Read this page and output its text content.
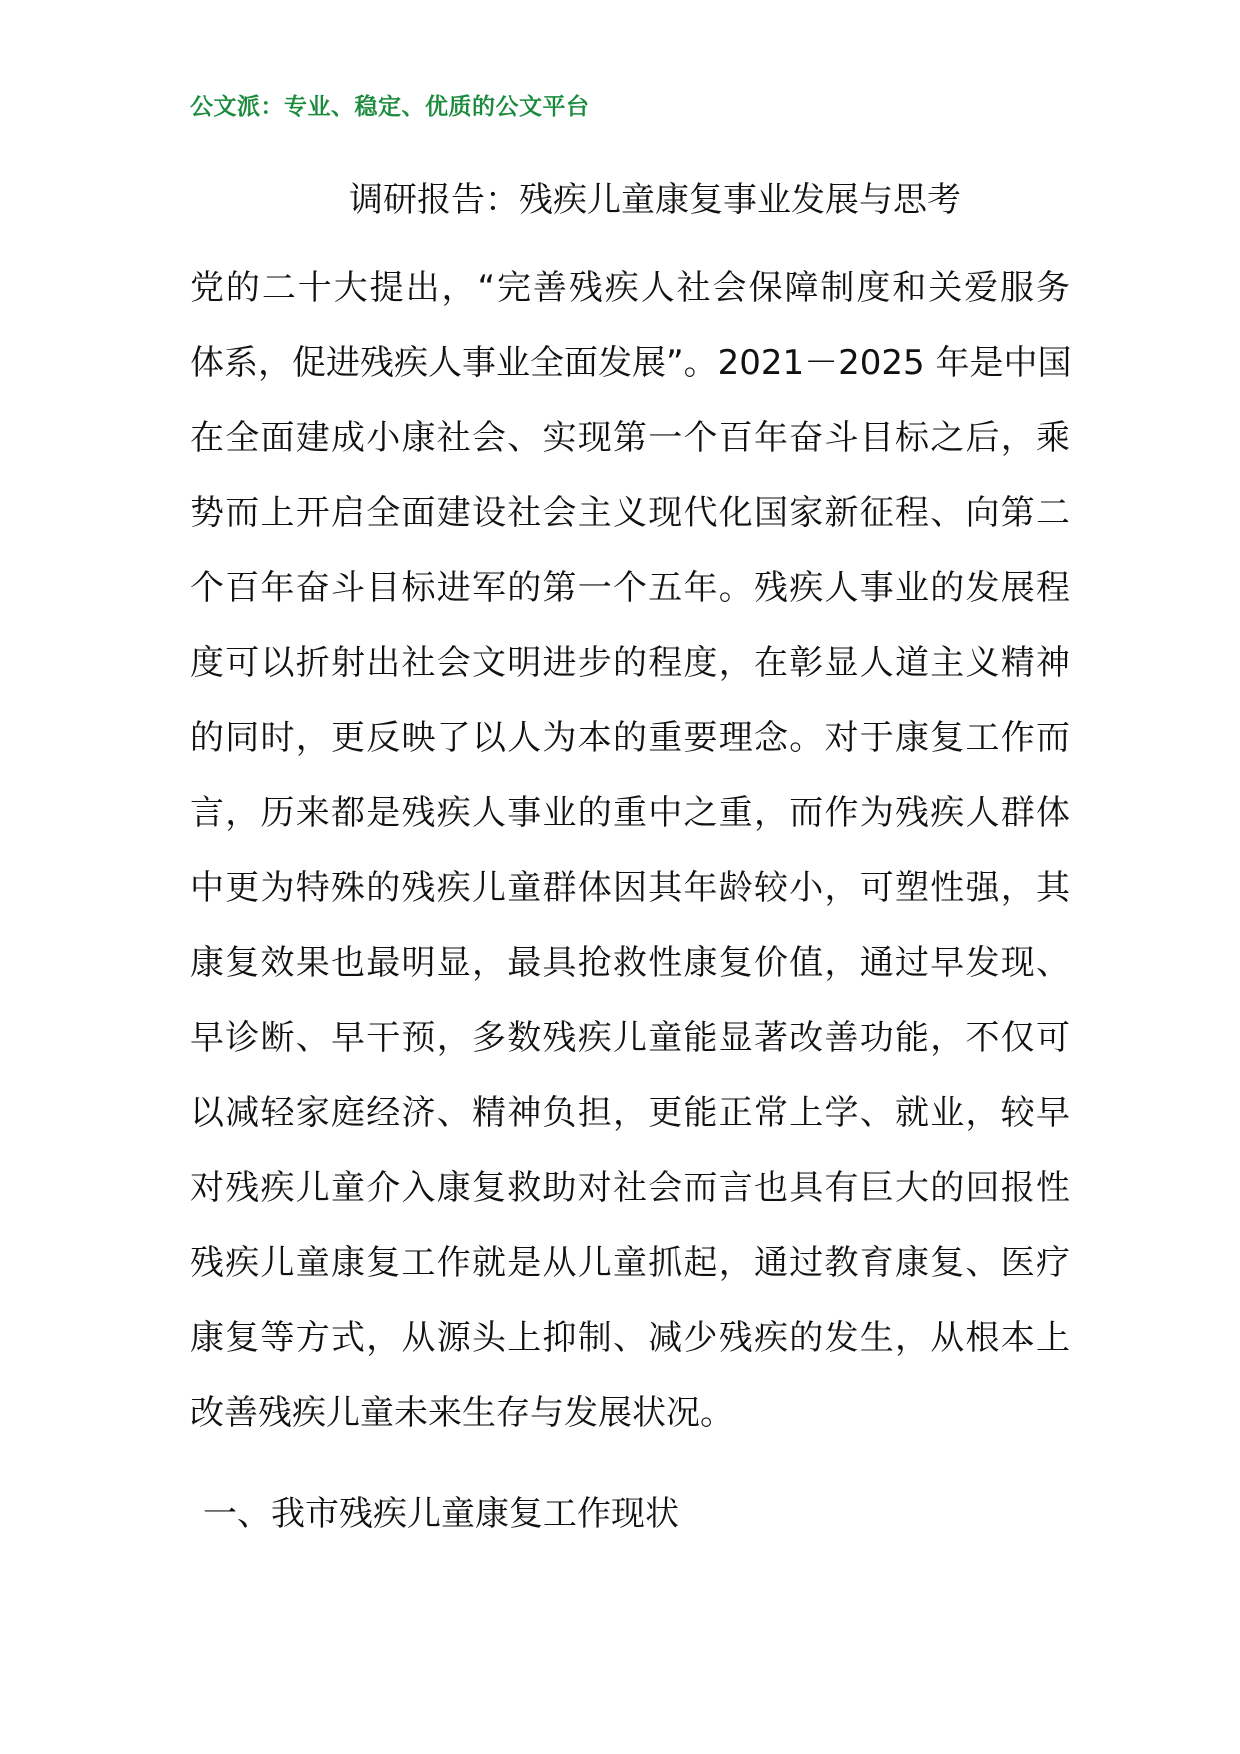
公文派：专业、稳定、优质的公文平台
调研报告：残疾儿童康复事业发展与思考
党的二十大提出，“完善残疾人社会保障制度和关爱服务
体系，促进残疾人事业全面发展”。2021－2025 年是中国
在全面建成小康社会、实现第一个百年奋斗目标之后，乘
势而上开启全面建设社会主义现代化国家新征程、向第二
个百年奋斗目标进军的第一个五年。残疾人事业的发展程
度可以折射出社会文明进步的程度，在彰显人道主义精神
的同时，更反映了以人为本的重要理念。对于康复工作而
言，历来都是残疾人事业的重中之重，而作为残疾人群体
中更为特殊的残疾儿童群体因其年龄较小，可塑性强，其
康复效果也最明显，最具抢救性康复价值，通过早发现、
早诊断、早干预，多数残疾儿童能显著改善功能，不仅可
以减轻家庭经济、精神负担，更能正常上学、就业，较早
对残疾儿童介入康复救助对社会而言也具有巨大的回报性
残疾儿童康复工作就是从儿童抓起，通过教育康复、医疗
康复等方式，从源头上抑制、减少残疾的发生，从根本上
改善残疾儿童未来生存与发展状况。
一、我市残疾儿童康复工作现状
